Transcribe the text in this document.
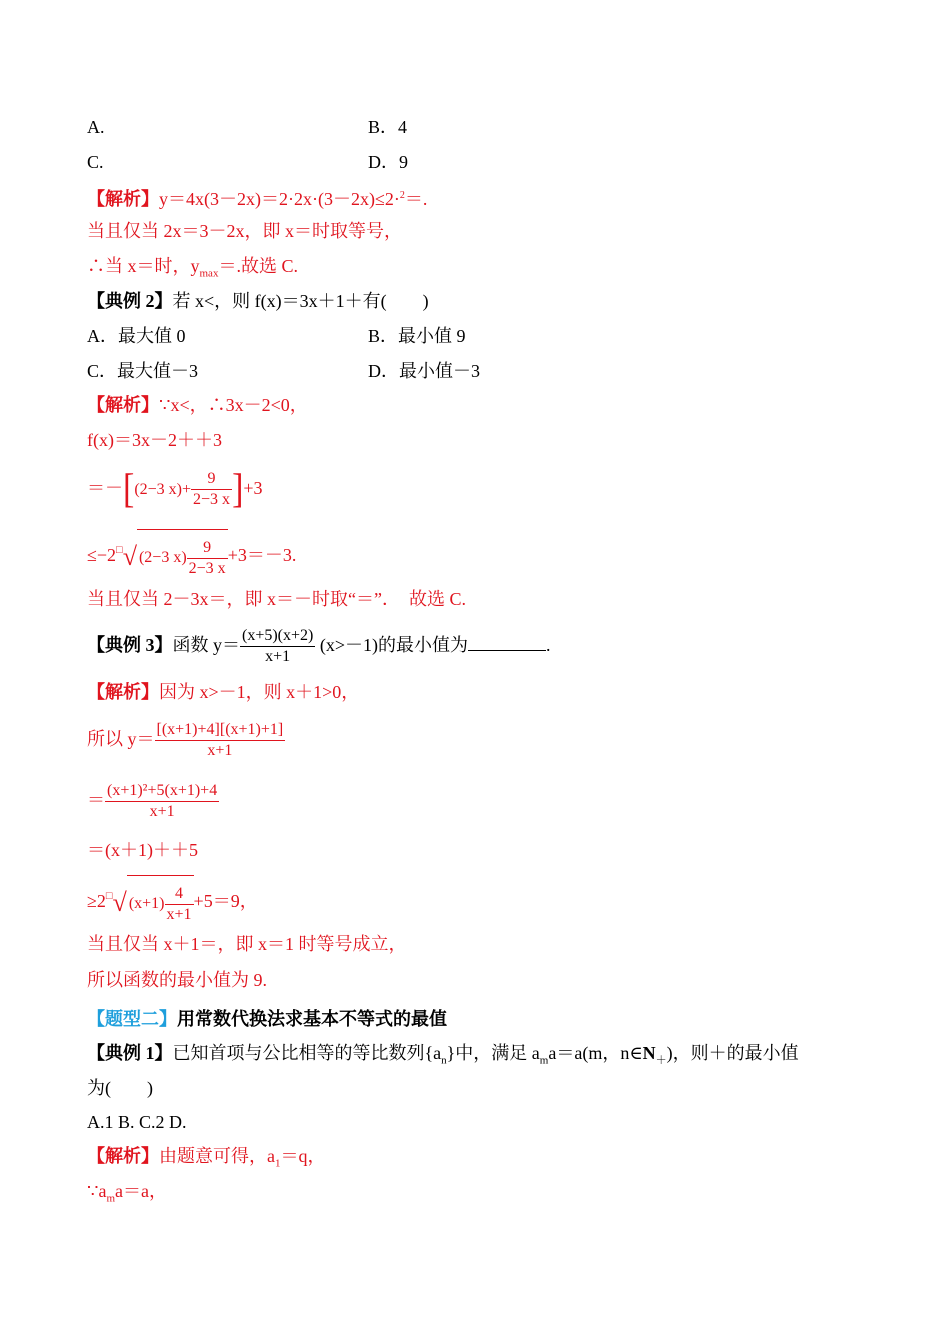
A.	B．4
C.	D．9
【解析】y＝4x(3－2x)＝2·2x·(3－2x)≤2·$^2$＝.
当且仅当 2x＝3－2x，即 x＝时取等号，
∴当 x＝时，$y_{max}=$.故选 C.
【典例 2】若 x<，则 f(x)＝3x＋1＋有(　　)
A．最大值 0	B．最小值 9
C．最大值－3	D．最小值－3
【解析】∵x<，∴3x－2<0，
f(x)＝3x－2＋＋3
＝－[(2−3 $x)+ \frac{9}{2-3 x} ]+3$
≤−2□√ (2−3 $x) \frac{9}{2-3 x} +3=-3$.
当且仅当 2－3x＝，即 x＝－时取“＝”．　故选 C.
【典例 3】函数 $y= \frac{(x+5)(x+2)}{x+1} (x>-1)$的最小值为	.
【解析】因为 x>－1，则 x＋1>0，
所以 $y= \frac{[(x+1)+4][(x+1)+1]}{x+1}$
＝ $\frac{\text{(x+1)²+5(x+1)+4}}{x+1}$
＝(x＋1)＋＋5
≥2□√ $(x+1) \frac{4}{x+1} +5=9$，
当且仅当 x＋1＝，即 x＝1 时等号成立，
所以函数的最小值为 9.
【题型二】用常数代换法求基本不等式的最值
【典例 1】已知首项与公比相等的等比数列$\{a_n\}$中，满足 $a_ma=a(m$，$n\in N_+$)，则＋的最小值
为(　　)
A.1 B. C.2 D.
【解析】由题意可得，$a_1=q$，
$\because a_ma=a$，
